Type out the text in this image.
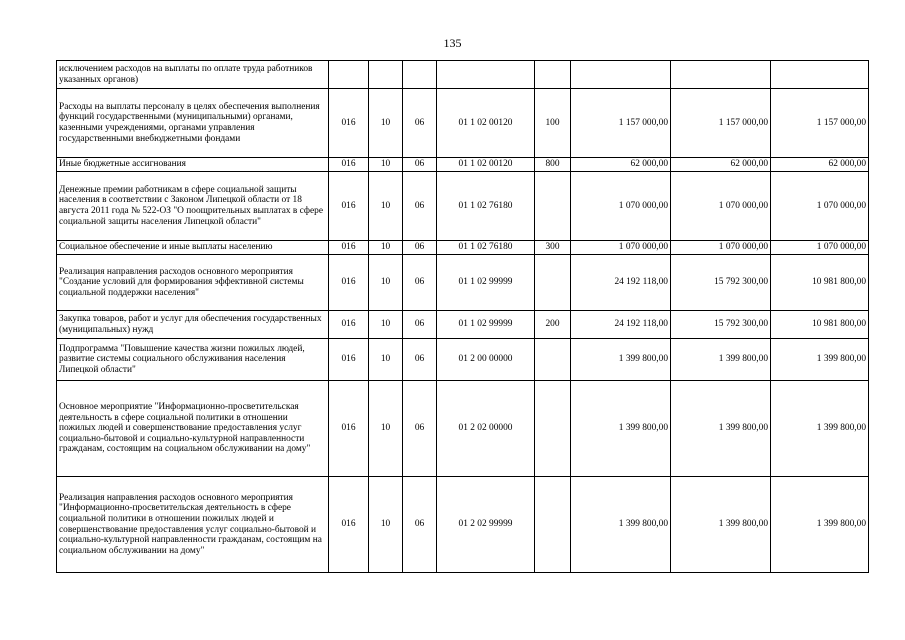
135
исключением расходов на выплаты по оплате труда работников указанных органов)								
Расходы на выплаты персоналу в целях обеспечения выполнения функций государственными (муниципальными) органами, казенными учреждениями, органами управления государственными внебюджетными фондами	016	10	06	01 1 02 00120	100	1 157 000,00	1 157 000,00	1 157 000,00
Иные бюджетные ассигнования	016	10	06	01 1 02 00120	800	62 000,00	62 000,00	62 000,00
Денежные премии работникам в сфере социальной защиты населения в соответствии с Законом Липецкой области от 18 августа 2011 года № 522-ОЗ "О поощрительных выплатах в сфере социальной защиты населения Липецкой области"	016	10	06	01 1 02 76180		1 070 000,00	1 070 000,00	1 070 000,00
Социальное обеспечение и иные выплаты населению	016	10	06	01 1 02 76180	300	1 070 000,00	1 070 000,00	1 070 000,00
Реализация направления расходов основного мероприятия "Создание условий для формирования эффективной системы социальной поддержки населения"	016	10	06	01 1 02 99999		24 192 118,00	15 792 300,00	10 981 800,00
Закупка товаров, работ и услуг для обеспечения государственных (муниципальных) нужд	016	10	06	01 1 02 99999	200	24 192 118,00	15 792 300,00	10 981 800,00
Подпрограмма "Повышение качества жизни пожилых людей, развитие системы социального обслуживания населения Липецкой области"	016	10	06	01 2 00 00000		1 399 800,00	1 399 800,00	1 399 800,00
Основное мероприятие "Информационно-просветительская деятельность в сфере социальной политики в отношении пожилых людей и совершенствование предоставления услуг социально-бытовой и социально-культурной направленности гражданам, состоящим на социальном обслуживании на дому"	016	10	06	01 2 02 00000		1 399 800,00	1 399 800,00	1 399 800,00
Реализация направления расходов основного мероприятия "Информационно-просветительская деятельность в сфере социальной политики в отношении пожилых людей и совершенствование предоставления услуг социально-бытовой и социально-культурной направленности гражданам, состоящим на социальном обслуживании на дому"	016	10	06	01 2 02 99999		1 399 800,00	1 399 800,00	1 399 800,00
